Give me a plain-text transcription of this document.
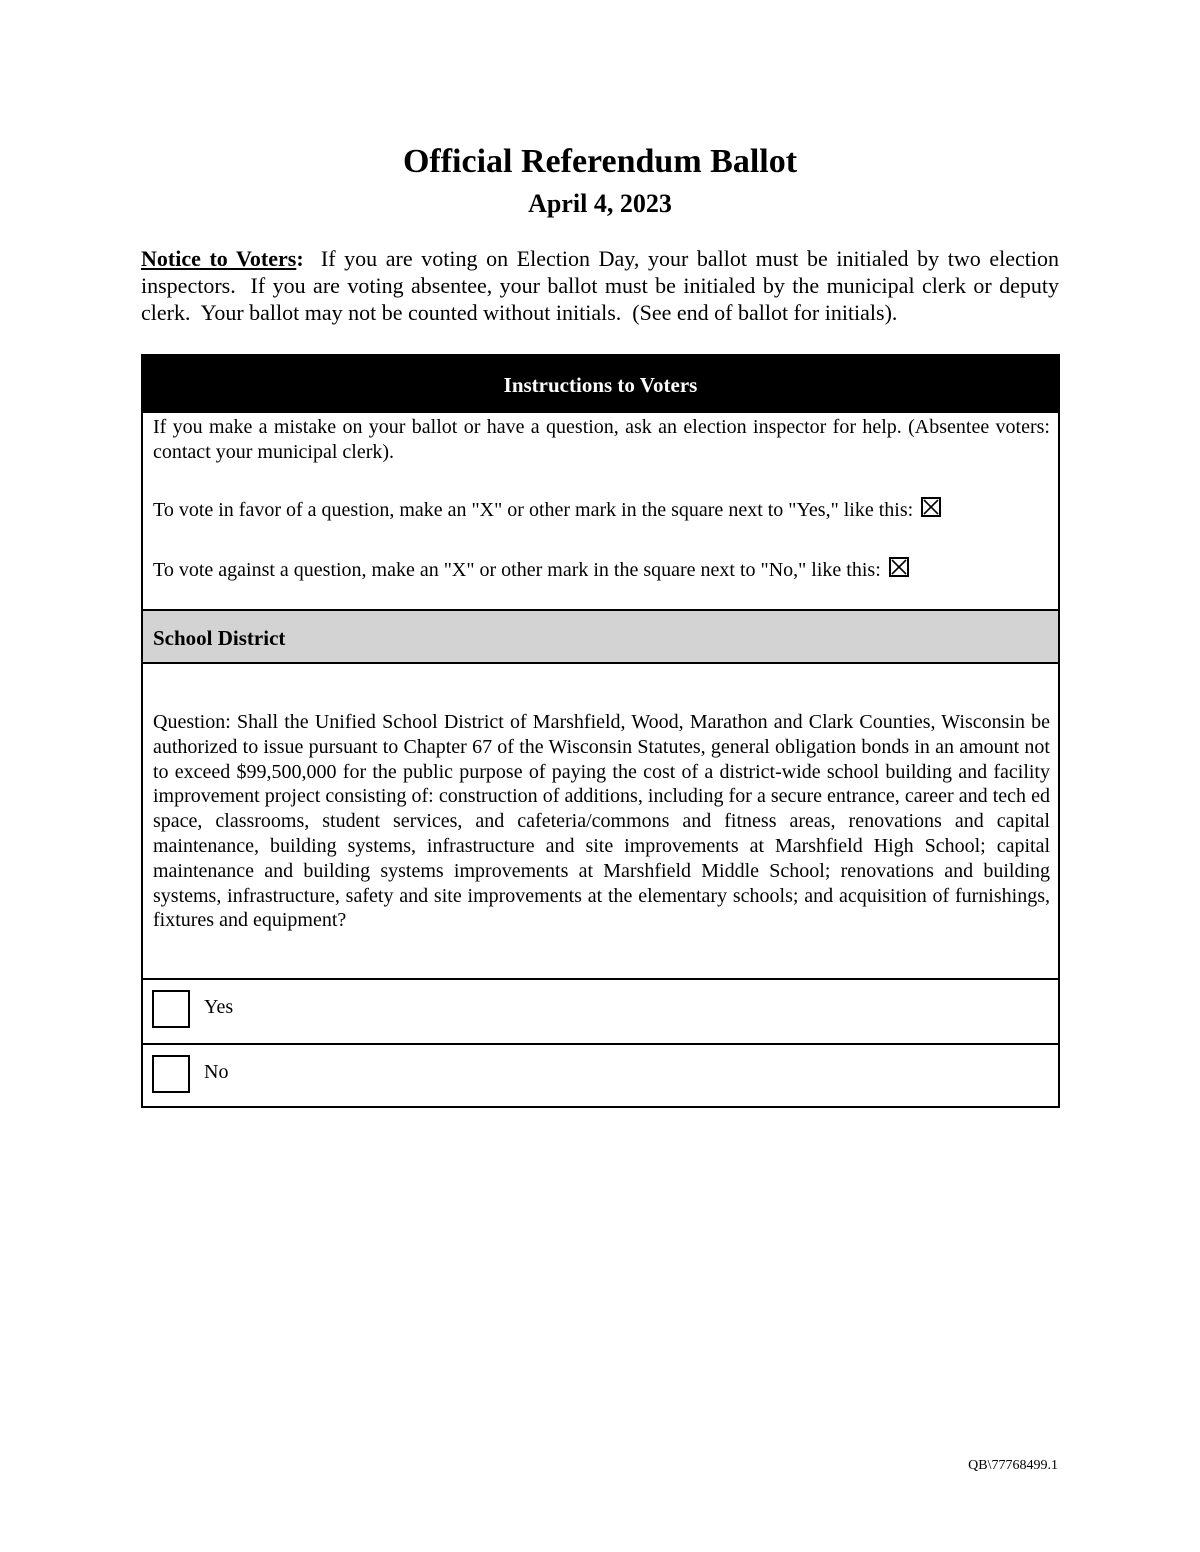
Official Referendum Ballot
April 4, 2023
Notice to Voters:  If you are voting on Election Day, your ballot must be initialed by two election inspectors.  If you are voting absentee, your ballot must be initialed by the municipal clerk or deputy clerk.  Your ballot may not be counted without initials.  (See end of ballot for initials).
Instructions to Voters
If you make a mistake on your ballot or have a question, ask an election inspector for help. (Absentee voters: contact your municipal clerk).
To vote in favor of a question, make an "X" or other mark in the square next to "Yes," like this:
To vote against a question, make an "X" or other mark in the square next to "No," like this:
School District
Question: Shall the Unified School District of Marshfield, Wood, Marathon and Clark Counties, Wisconsin be authorized to issue pursuant to Chapter 67 of the Wisconsin Statutes, general obligation bonds in an amount not to exceed $99,500,000 for the public purpose of paying the cost of a district-wide school building and facility improvement project consisting of: construction of additions, including for a secure entrance, career and tech ed space, classrooms, student services, and cafeteria/commons and fitness areas, renovations and capital maintenance, building systems, infrastructure and site improvements at Marshfield High School; capital maintenance and building systems improvements at Marshfield Middle School; renovations and building systems, infrastructure, safety and site improvements at the elementary schools; and acquisition of furnishings, fixtures and equipment?
Yes
No
QB\77768499.1
